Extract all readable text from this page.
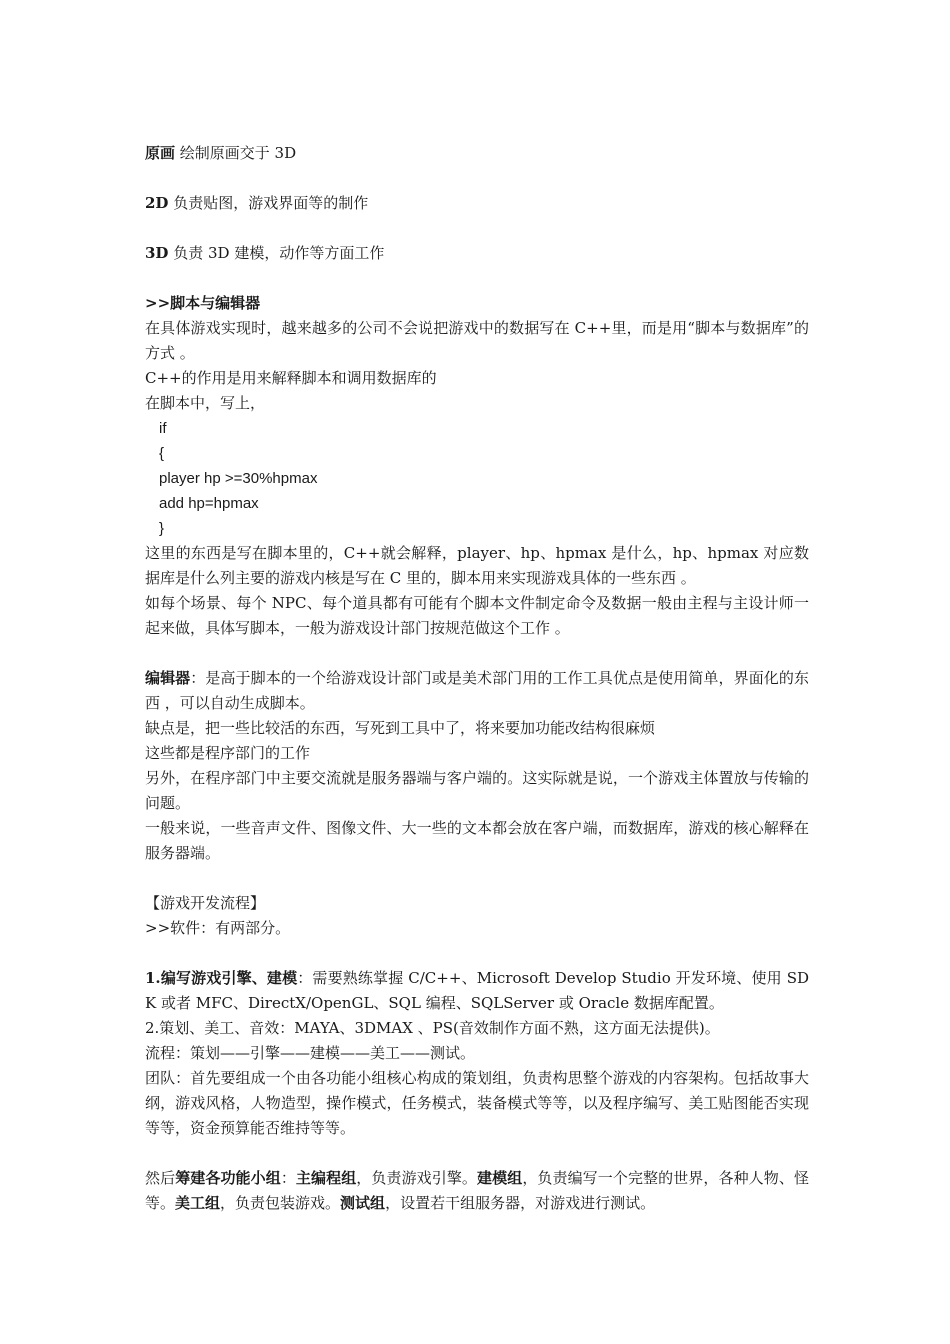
原画 绘制原画交于 3D

2D 负责贴图，游戏界面等的制作

3D 负责 3D 建模，动作等方面工作

>>脚本与编辑器

在具体游戏实现时，越来越多的公司不会说把游戏中的数据写在 C++里，而是用“脚本与数据库”的方式 。

C++的作用是用来解释脚本和调用数据库的

在脚本中，写上，

if

{

player hp >=30%hpmax

add hp=hpmax

}

这里的东西是写在脚本里的，C++就会解释，player、hp、hpmax 是什么，hp、hpmax 对应数据库是什么列主要的游戏内核是写在 C 里的，脚本用来实现游戏具体的一些东西 。

如每个场景、每个 NPC、每个道具都有可能有个脚本文件制定命令及数据一般由主程与主设计师一起来做，具体写脚本，一般为游戏设计部门按规范做这个工作 。

编辑器：是高于脚本的一个给游戏设计部门或是美术部门用的工作工具优点是使用简单，界面化的东西 ，可以自动生成脚本。

缺点是，把一些比较活的东西，写死到工具中了，将来要加功能改结构很麻烦

这些都是程序部门的工作

另外，在程序部门中主要交流就是服务器端与客户端的。这实际就是说，一个游戏主体置放与传输的问题。

一般来说，一些音声文件、图像文件、大一些的文本都会放在客户端，而数据库，游戏的核心解释在服务器端。

【游戏开发流程】

>>软件：有两部分。

1.编写游戏引擎、建模：需要熟练掌握 C/C++、Microsoft Develop Studio 开发环境、使用 SDK 或者 MFC、DirectX/OpenGL、SQL 编程、SQLServer 或 Oracle 数据库配置。

2.策划、美工、音效：MAYA、3DMAX 、PS(音效制作方面不熟，这方面无法提供)。

流程：策划——引擎——建模——美工——测试。

团队：首先要组成一个由各功能小组核心构成的策划组，负责构思整个游戏的内容架构。包括故事大纲，游戏风格，人物造型，操作模式，任务模式，装备模式等等，以及程序编写、美工贴图能否实现等等，资金预算能否维持等等。

然后筹建各功能小组：主编程组，负责游戏引擎。建模组，负责编写一个完整的世界，各种人物、怪等。美工组，负责包装游戏。测试组，设置若干组服务器，对游戏进行测试。
